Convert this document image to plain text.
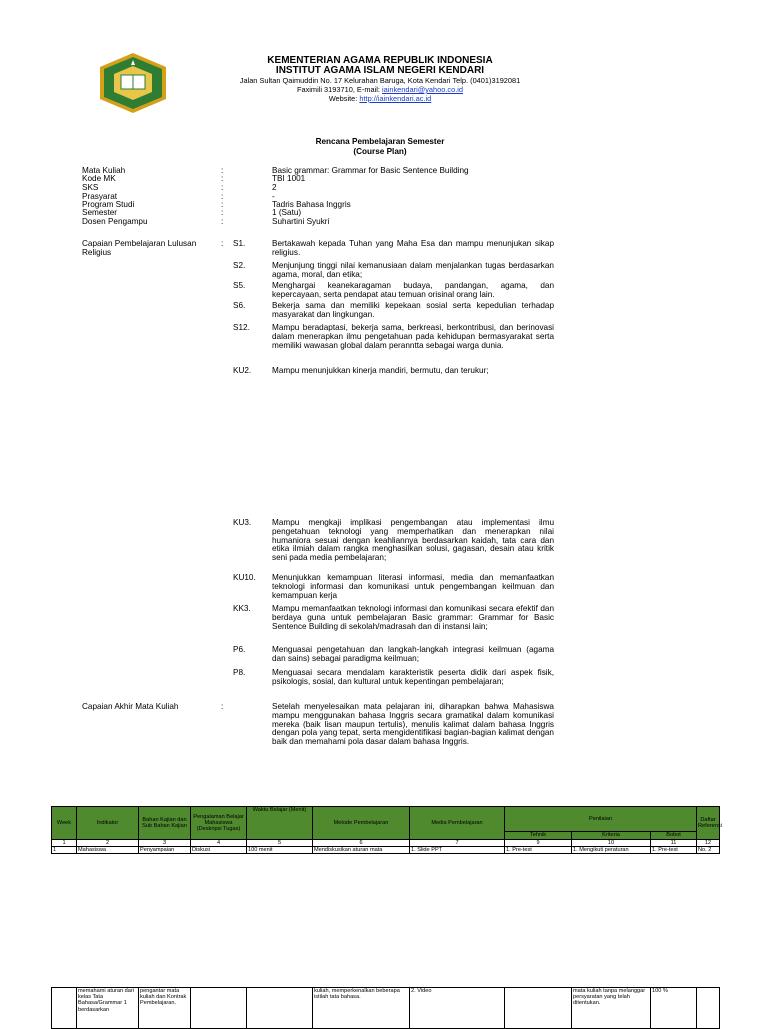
KEMENTERIAN AGAMA REPUBLIK INDONESIA
INSTITUT AGAMA ISLAM NEGERI KENDARI
Jalan Sultan Qaimuddin No. 17 Kelurahan Baruga, Kota Kendari Telp. (0401)3192081
Faximili 3193710, E-mail: iainkendari@yahoo.co.id
Website: http://iainkendari.ac.id
Rencana Pembelajaran Semester
(Course Plan)
Mata Kuliah	:	Basic grammar: Grammar for Basic Sentence Building
Kode MK	:	TBI 1001
SKS	:	2
Prasyarat	:	-
Program Studi	:	Tadris Bahasa Inggris
Semester	:	1 (Satu)
Dosen Pengampu	:	Suhartini Syukri
Capaian Pembelajaran Lulusan
Religius
: S1.	Bertakawah kepada Tuhan yang Maha Esa dan mampu menunjukan sikap religius.
S2.	Menjunjung tinggi nilai kemanusiaan dalam menjalankan tugas berdasarkan agama, moral, dan etika;
S5.	Menghargai keanekaragaman budaya, pandangan, agama, dan kepercayaan, serta pendapat atau temuan orisinal orang lain.
S6.	Bekerja sama dan memiliki kepekaan sosial serta kepedulian terhadap masyarakat dan lingkungan.
S12.	Mampu beradaptasi, bekerja sama, berkreasi, berkontribusi, dan berinovasi dalam menerapkan ilmu pengetahuan pada kehidupan bermasyarakat serta memiliki wawasan global dalam peranntta sebagai warga dunia.
KU2.	Mampu menunjukkan kinerja mandiri, bermutu, dan terukur;
KU3.	Mampu mengkaji implikasi pengembangan atau implementasi ilmu pengetahuan teknologi yang memperhatikan dan menerapkan nilai humaniora sesuai dengan keahliannya berdasarkan kaidah, tata cara dan etika ilmiah dalam rangka menghasilkan solusi, gagasan, desain atau kritik seni pada media pembelajaran;
KU10. Menunjukkan kemampuan literasi informasi, media dan memanfaatkan teknologi informasi dan komunikasi untuk pengembangan keilmuan dan kemampuan kerja
KK3.	Mampu memanfaatkan teknologi informasi dan komunikasi secara efektif dan berdaya guna untuk pembelajaran Basic grammar: Grammar for Basic Sentence Building di sekolah/madrasah dan di instansi lain;
P6.	Menguasai pengetahuan dan langkah-langkah integrasi keilmuan (agama dan sains) sebagai paradigma keilmuan;
P8.	Menguasai secara mendalam karakteristik peserta didik dari aspek fisik, psikologis, sosial, dan kultural untuk kepentingan pembelajaran;
Capaian Akhir Mata Kuliah	:	Setelah menyelesaikan mata pelajaran ini, diharapkan bahwa Mahasiswa mampu menggunakan bahasa Inggris secara gramatikal dalam komunikasi mereka (baik lisan maupun tertulis), menulis kalimat dalam bahasa Inggris dengan pola yang tepat, serta mengidentifikasi bagian-bagian kalimat dengan baik dan memahami pola dasar dalam bahasa Inggris.
Week	Indikator	Bahan Kajian dan Sub Bahan Kajian	Pengalaman Belajar Mahasiswa (Deskripsi Tugas)	Waktu Belajar (Menit)	Metode Pembelajaran	Media Pembelajaran	Penilaian			Daftar Referensi
							Tehnik	Kriteria	Bobot	
1	2	3	4	5	6	7	9	10	11	12
1	Mahasiswa	Penyampaian	Diskusi	100 menit	Mendiskusikan aturan mata	1. Slide PPT	1. Pre-test	1. Mengikuti peraturan	1. Pre-test	No. 2
	memahami aturan dari kelas Tata Bahasa/Grammar 1 berdasarkan	pengantar mata kuliah dan Kontrak Pembelajaran.			kuliah, memperkenalkan beberapa istilah tata bahasa.	2. Video		mata kuliah tanpa melanggar persyaratan yang telah ditentukan.	100 %	
